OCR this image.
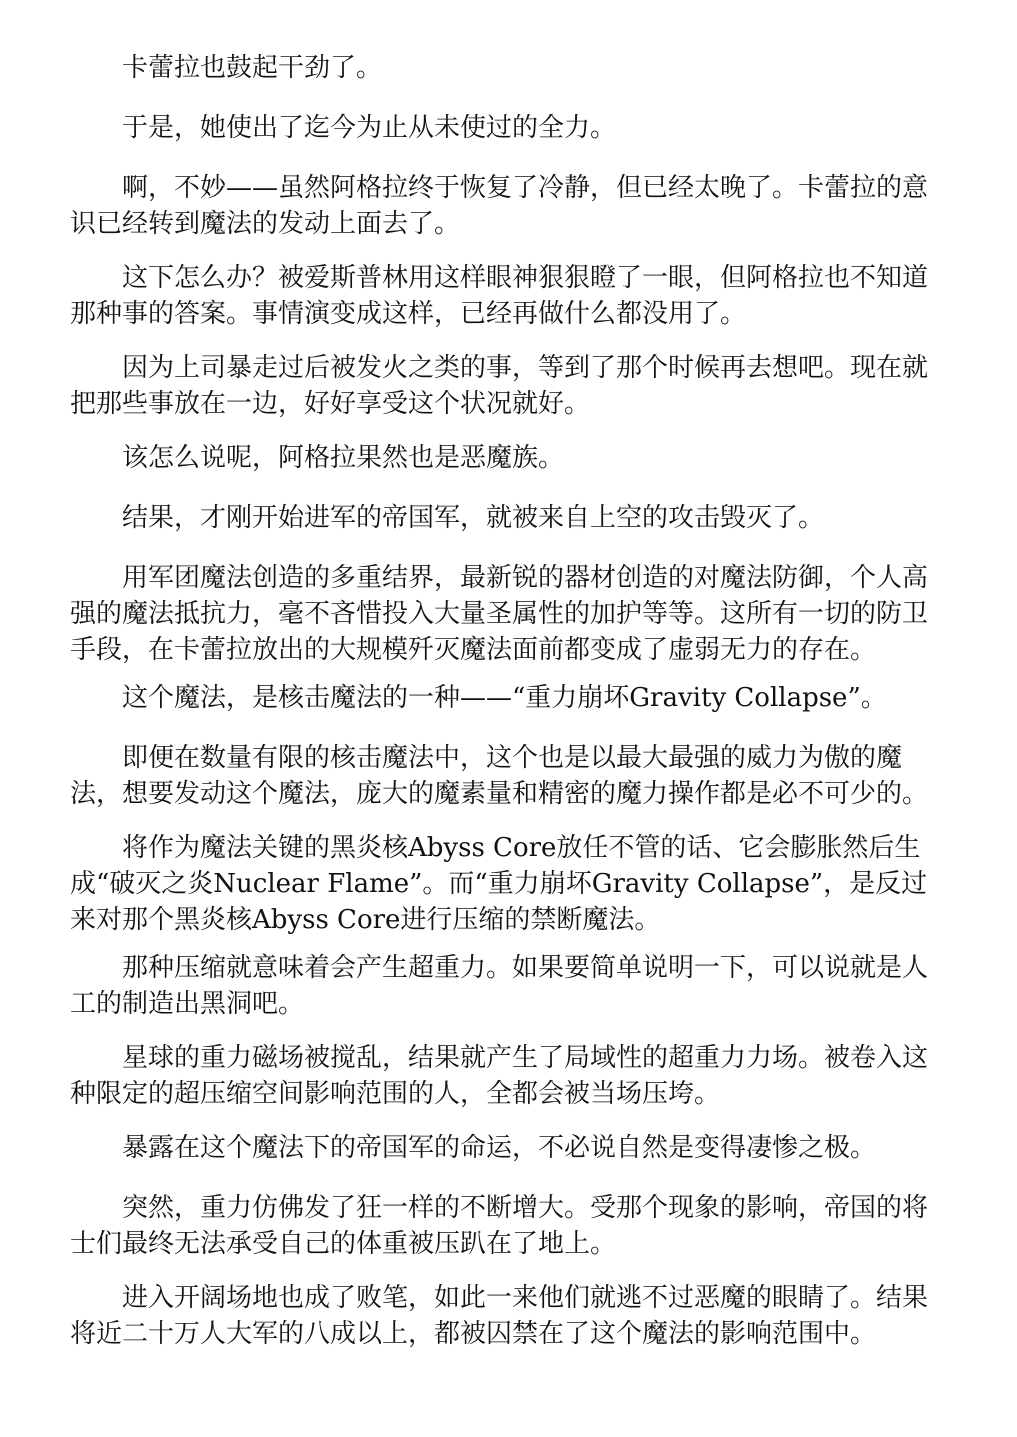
卡蕾拉也鼓起干劲了。

于是，她使出了迄今为止从未使过的全力。

啊，不妙——虽然阿格拉终于恢复了冷静，但已经太晚了。卡蕾拉的意识已经转到魔法的发动上面去了。

这下怎么办？被爱斯普林用这样眼神狠狠瞪了一眼，但阿格拉也不知道那种事的答案。事情演变成这样，已经再做什么都没用了。

因为上司暴走过后被发火之类的事，等到了那个时候再去想吧。现在就把那些事放在一边，好好享受这个状况就好。

该怎么说呢，阿格拉果然也是恶魔族。

结果，才刚开始进军的帝国军，就被来自上空的攻击毁灭了。

用军团魔法创造的多重结界，最新锐的器材创造的对魔法防御，个人高强的魔法抵抗力，毫不吝惜投入大量圣属性的加护等等。这所有一切的防卫手段，在卡蕾拉放出的大规模歼灭魔法面前都变成了虚弱无力的存在。

这个魔法，是核击魔法的一种——“重力崩坏Gravity Collapse”。

即便在数量有限的核击魔法中，这个也是以最大最强的威力为傲的魔法，想要发动这个魔法，庞大的魔素量和精密的魔力操作都是必不可少的。

将作为魔法关键的黑炎核Abyss Core放任不管的话、它会膨胀然后生成“破灭之炎Nuclear Flame”。而“重力崩坏Gravity Collapse”，是反过来对那个黑炎核Abyss Core进行压缩的禁断魔法。

那种压缩就意味着会产生超重力。如果要简单说明一下，可以说就是人工的制造出黑洞吧。

星球的重力磁场被搅乱，结果就产生了局域性的超重力力场。被卷入这种限定的超压缩空间影响范围的人，全都会被当场压垮。

暴露在这个魔法下的帝国军的命运，不必说自然是变得凄惨之极。

突然，重力仿佛发了狂一样的不断增大。受那个现象的影响，帝国的将士们最终无法承受自己的体重被压趴在了地上。

进入开阔场地也成了败笔，如此一来他们就逃不过恶魔的眼睛了。结果将近二十万人大军的八成以上，都被囚禁在了这个魔法的影响范围中。
